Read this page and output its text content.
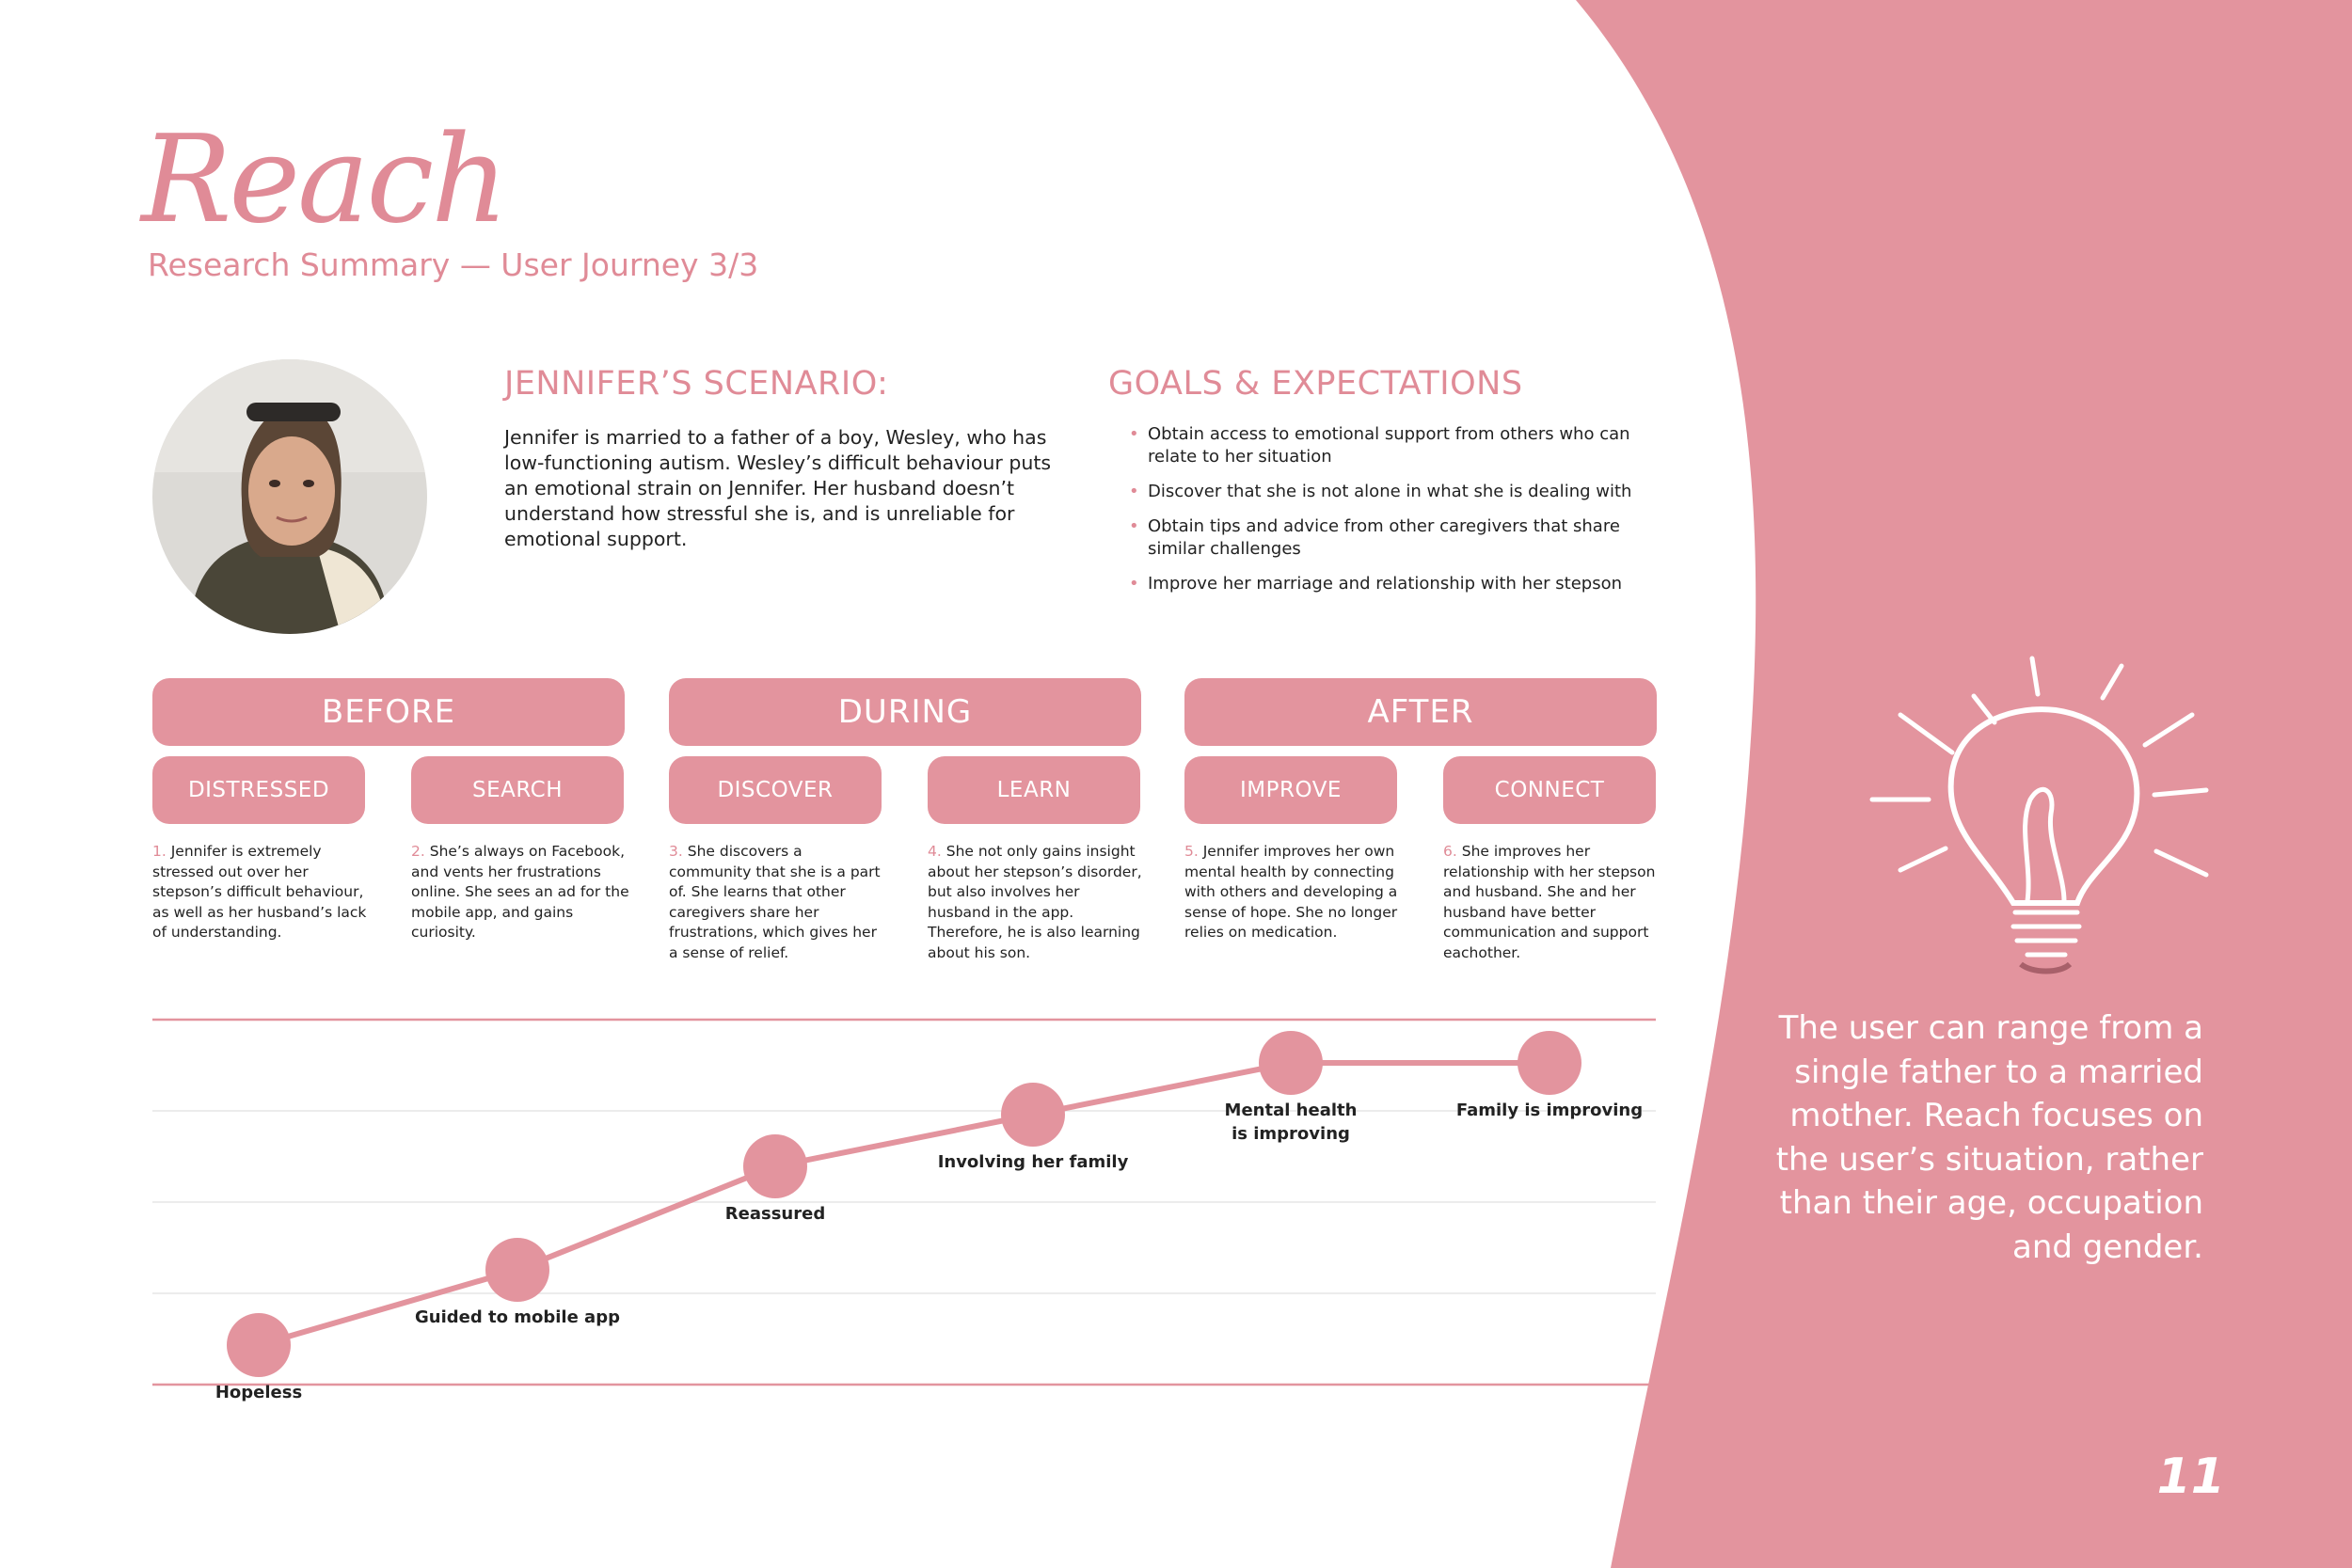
Reach
Research Summary — User Journey 3/3
JENNIFER’S SCENARIO:
Jennifer is married to a father of a boy, Wesley, who has low-functioning autism. Wesley’s difficult behaviour puts an emotional strain on Jennifer. Her husband doesn’t understand how stressful she is, and is unreliable for emotional support.
GOALS & EXPECTATIONS
• Obtain access to emotional support from others who can relate to her situation
• Discover that she is not alone in what she is dealing with
• Obtain tips and advice from other caregivers that share similar challenges
• Improve her marriage and relationship with her stepson
BEFORE	DURING	AFTER
DISTRESSED	SEARCH	DISCOVER	LEARN	IMPROVE	CONNECT
1. Jennifer is extremely stressed out over her stepson’s difficult behaviour, as well as her husband’s lack of understanding.
2. She’s always on Facebook, and vents her frustrations online. She sees an ad for the mobile app, and gains curiosity.
3. She discovers a community that she is a part of. She learns that other caregivers share her frustrations, which gives her a sense of relief.
4. She not only gains insight about her stepson’s disorder, but also involves her husband in the app. Therefore, he is also learning about his son.
5. Jennifer improves her own mental health by connecting with others and developing a sense of hope. She no longer relies on medication.
6. She improves her relationship with her stepson and husband. She and her husband have better communication and support eachother.
Hopeless
Guided to mobile app
Reassured
Involving her family
Mental health
is improving
Family is improving
The user can range from a single father to a married mother. Reach focuses on the user’s situation, rather than their age, occupation and gender.
11
